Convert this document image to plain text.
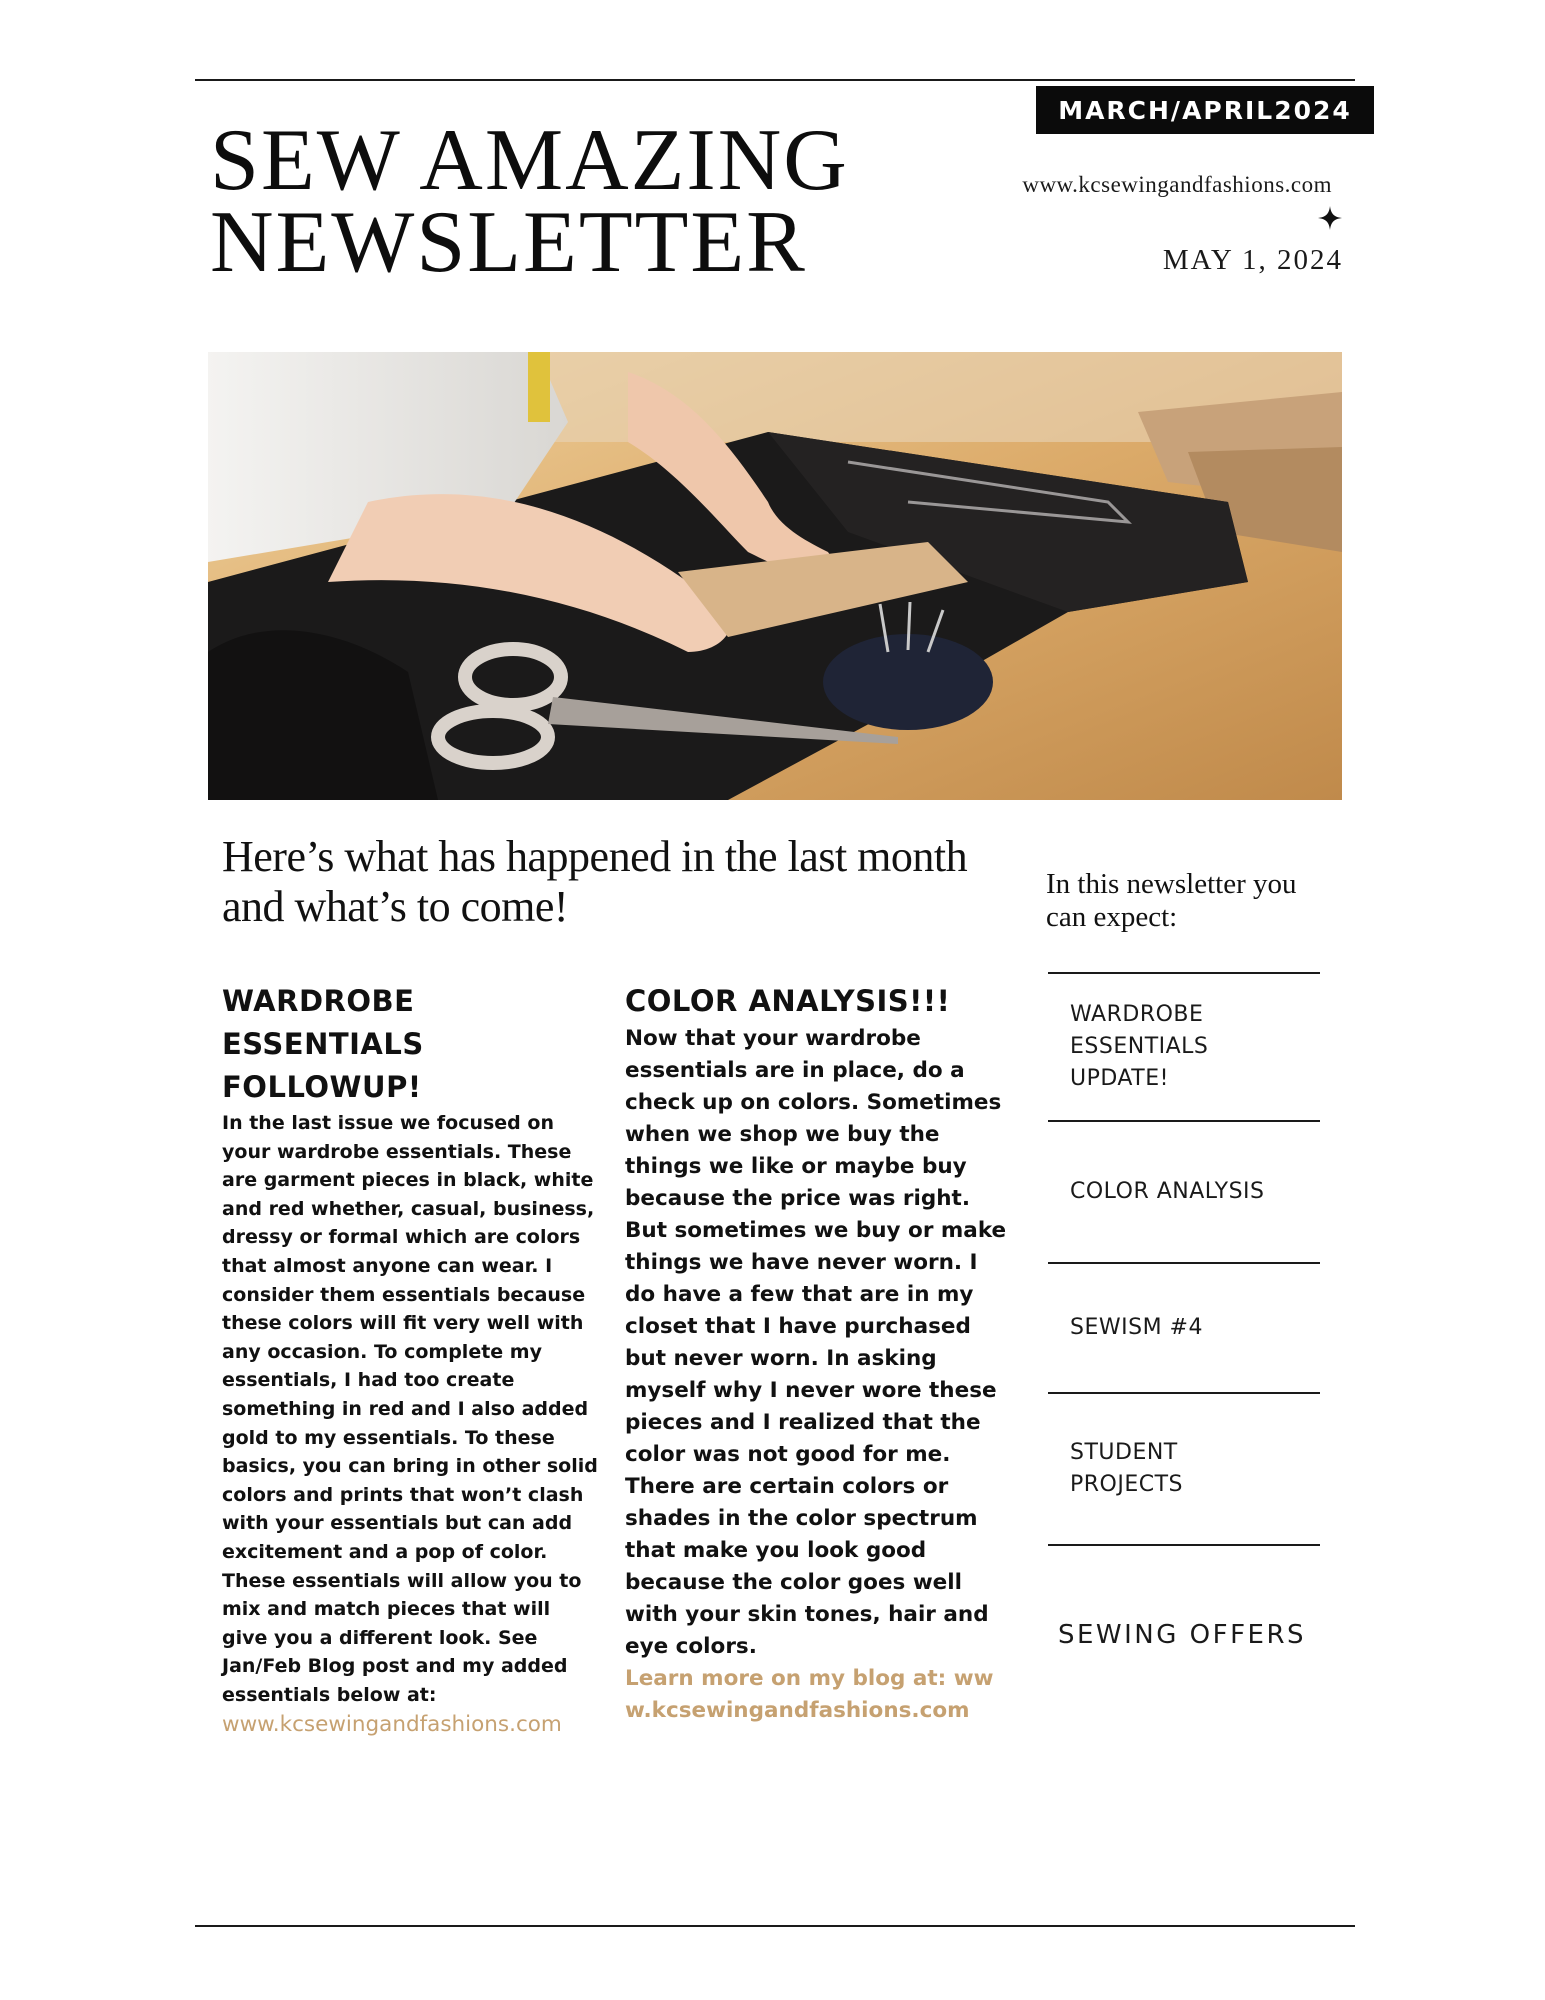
MARCH/APRIL2024
SEW AMAZING
NEWSLETTER
www.kcsewingandfashions.com
MAY 1, 2024
Here’s what has happened in the last month and what’s to come!
WARDROBE
ESSENTIALS
FOLLOWUP!

In the last issue we focused on your wardrobe essentials. These are garment pieces in black, white and red whether, casual, business, dressy or formal which are colors that almost anyone can wear. I consider them essentials because these colors will fit very well with any occasion. To complete my essentials, I had too create something in red and I also added gold to my essentials. To these basics, you can bring in other solid colors and prints that won’t clash with your essentials but can add excitement and a pop of color. These essentials will allow you to mix and match pieces that will give you a different look. See Jan/Feb Blog post and my added essentials below at:

www.kcsewingandfashions.com
COLOR ANALYSIS!!!

Now that your wardrobe essentials are in place, do a check up on colors. Sometimes when we shop we buy the things we like or maybe buy because the price was right. But sometimes we buy or make things we have never worn. I do have a few that are in my closet that I have purchased but never worn. In asking myself why I never wore these pieces and I realized that the color was not good for me. There are certain colors or shades in the color spectrum that make you look good because the color goes well with your skin tones, hair and eye colors.

Learn more on my blog at: www.kcsewingandfashions.com

In this newsletter you can expect:
WARDROBE
ESSENTIALS
UPDATE!
COLOR ANALYSIS
SEWISM #4
STUDENT
PROJECTS
SEWING OFFERS
